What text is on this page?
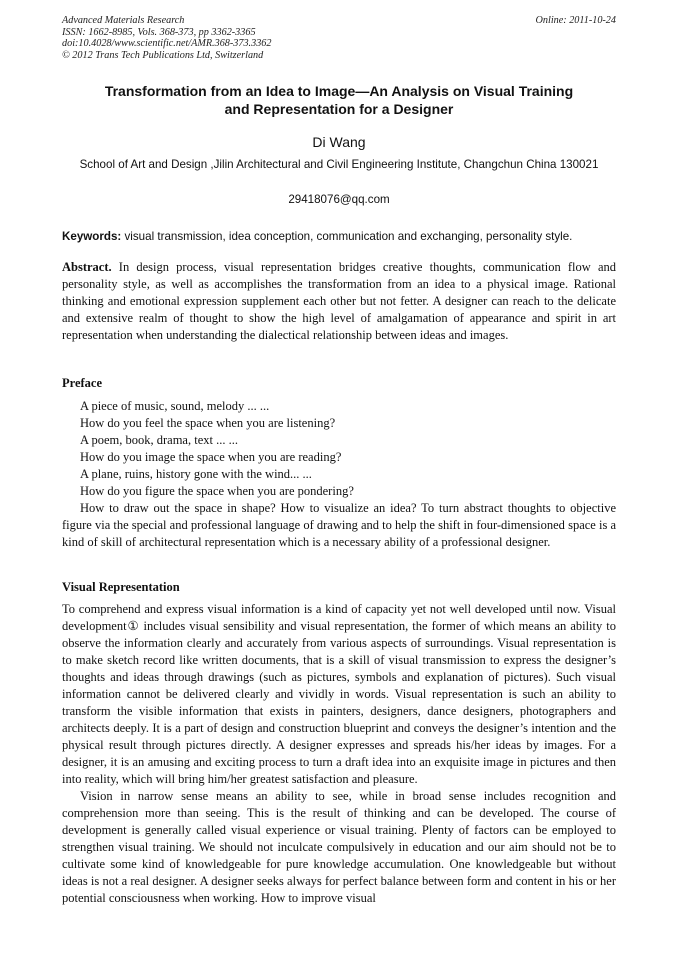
Advanced Materials Research
ISSN: 1662-8985, Vols. 368-373, pp 3362-3365
doi:10.4028/www.scientific.net/AMR.368-373.3362
© 2012 Trans Tech Publications Ltd, Switzerland
Online: 2011-10-24
Transformation from an Idea to Image—An Analysis on Visual Training
and Representation for a Designer
Di Wang
School of Art and Design ,Jilin Architectural and Civil Engineering Institute, Changchun China 130021
29418076@qq.com
Keywords: visual transmission, idea conception, communication and exchanging, personality style.
Abstract. In design process, visual representation bridges creative thoughts, communication flow and personality style, as well as accomplishes the transformation from an idea to a physical image. Rational thinking and emotional expression supplement each other but not fetter. A designer can reach to the delicate and extensive realm of thought to show the high level of amalgamation of appearance and spirit in art representation when understanding the dialectical relationship between ideas and images.
Preface
A piece of music, sound, melody ... ...
How do you feel the space when you are listening?
A poem, book, drama, text ... ...
How do you image the space when you are reading?
A plane, ruins, history gone with the wind... ...
How do you figure the space when you are pondering?
How to draw out the space in shape? How to visualize an idea? To turn abstract thoughts to objective figure via the special and professional language of drawing and to help the shift in four-dimensioned space is a kind of skill of architectural representation which is a necessary ability of a professional designer.
Visual Representation

To comprehend and express visual information is a kind of capacity yet not well developed until now. Visual development① includes visual sensibility and visual representation, the former of which means an ability to observe the information clearly and accurately from various aspects of surroundings. Visual representation is to make sketch record like written documents, that is a skill of visual transmission to express the designer’s thoughts and ideas through drawings (such as pictures, symbols and explanation of pictures). Such visual information cannot be delivered clearly and vividly in words. Visual representation is such an ability to transform the visible information that exists in painters, designers, dance designers, photographers and architects deeply. It is a part of design and construction blueprint and conveys the designer’s intention and the physical result through pictures directly. A designer expresses and spreads his/her ideas by images. For a designer, it is an amusing and exciting process to turn a draft idea into an exquisite image in pictures and then into reality, which will bring him/her greatest satisfaction and pleasure.

Vision in narrow sense means an ability to see, while in broad sense includes recognition and comprehension more than seeing. This is the result of thinking and can be developed. The course of development is generally called visual experience or visual training. Plenty of factors can be employed to strengthen visual training. We should not inculcate compulsively in education and our aim should not be to cultivate some kind of knowledgeable for pure knowledge accumulation. One knowledgeable but without ideas is not a real designer. A designer seeks always for perfect balance between form and content in his or her potential consciousness when working. How to improve visual
